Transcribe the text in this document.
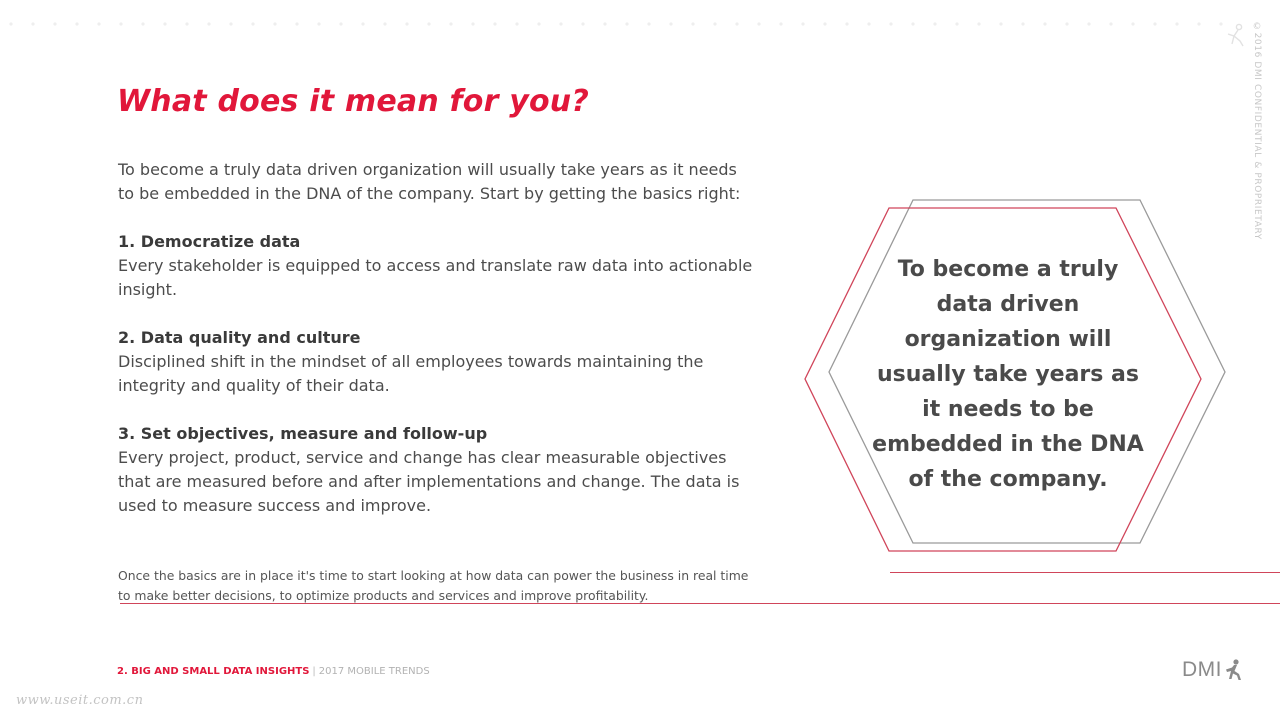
What does it mean for you?

To become a truly data driven organization will usually take years as it needs to be embedded in the DNA of the company. Start by getting the basics right:

1. Democratize data
Every stakeholder is equipped to access and translate raw data into actionable insight.
2. Data quality and culture
Disciplined shift in the mindset of all employees towards maintaining the integrity and quality of their data.
3. Set objectives, measure and follow-up
Every project, product, service and change has clear measurable objectives that are measured before and after implementations and change. The data is used to measure success and improve.
Once the basics are in place it's time to start looking at how data can power the business in real time to make better decisions, to optimize products and services and improve profitability.
To become a truly data driven organization will usually take years as it needs to be embedded in the DNA of the company.
©2016 DMI CONFIDENTIAL & PROPRIETARY
2. BIG AND SMALL DATA INSIGHTS | 2017 MOBILE TRENDS	DMI
www.useit.com.cn
